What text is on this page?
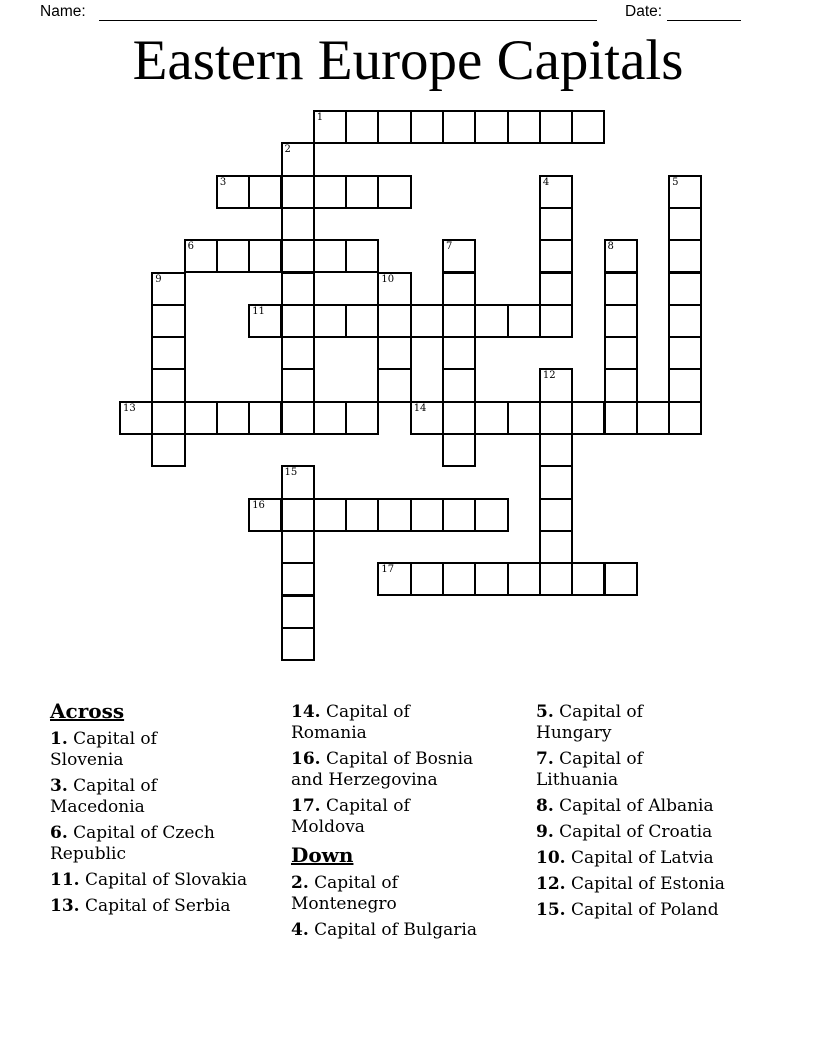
Name:	Date:
Eastern Europe Capitals
1
2
3	4	5
6	7	8
9	10
11
12
13	14
15
16
17
Across
1. Capital of
Slovenia
3. Capital of
Macedonia
6. Capital of Czech
Republic
11. Capital of Slovakia
13. Capital of Serbia
14. Capital of
Romania
16. Capital of Bosnia
and Herzegovina
17. Capital of
Moldova
Down
2. Capital of
Montenegro
4. Capital of Bulgaria
5. Capital of
Hungary
7. Capital of
Lithuania
8. Capital of Albania
9. Capital of Croatia
10. Capital of Latvia
12. Capital of Estonia
15. Capital of Poland
